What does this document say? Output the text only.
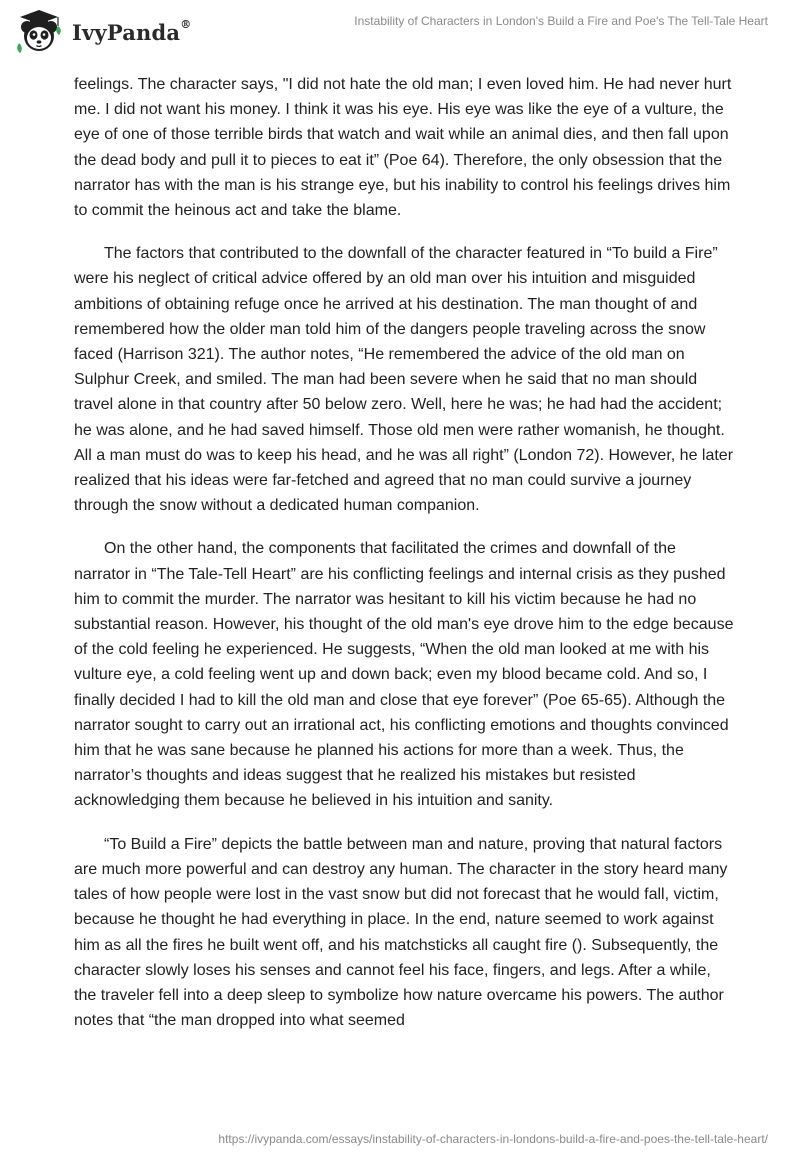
IvyPanda®	Instability of Characters in London's Build a Fire and Poe's The Tell-Tale Heart

feelings. The character says, "I did not hate the old man; I even loved him. He had never hurt me. I did not want his money. I think it was his eye. His eye was like the eye of a vulture, the eye of one of those terrible birds that watch and wait while an animal dies, and then fall upon the dead body and pull it to pieces to eat it” (Poe 64). Therefore, the only obsession that the narrator has with the man is his strange eye, but his inability to control his feelings drives him to commit the heinous act and take the blame.

The factors that contributed to the downfall of the character featured in “To build a Fire” were his neglect of critical advice offered by an old man over his intuition and misguided ambitions of obtaining refuge once he arrived at his destination. The man thought of and remembered how the older man told him of the dangers people traveling across the snow faced (Harrison 321). The author notes, “He remembered the advice of the old man on Sulphur Creek, and smiled. The man had been severe when he said that no man should travel alone in that country after 50 below zero. Well, here he was; he had had the accident; he was alone, and he had saved himself. Those old men were rather womanish, he thought. All a man must do was to keep his head, and he was all right” (London 72). However, he later realized that his ideas were far-fetched and agreed that no man could survive a journey through the snow without a dedicated human companion.

On the other hand, the components that facilitated the crimes and downfall of the narrator in “The Tale-Tell Heart” are his conflicting feelings and internal crisis as they pushed him to commit the murder. The narrator was hesitant to kill his victim because he had no substantial reason. However, his thought of the old man's eye drove him to the edge because of the cold feeling he experienced. He suggests, “When the old man looked at me with his vulture eye, a cold feeling went up and down back; even my blood became cold. And so, I finally decided I had to kill the old man and close that eye forever” (Poe 65-65). Although the narrator sought to carry out an irrational act, his conflicting emotions and thoughts convinced him that he was sane because he planned his actions for more than a week. Thus, the narrator’s thoughts and ideas suggest that he realized his mistakes but resisted acknowledging them because he believed in his intuition and sanity.

“To Build a Fire” depicts the battle between man and nature, proving that natural factors are much more powerful and can destroy any human. The character in the story heard many tales of how people were lost in the vast snow but did not forecast that he would fall, victim, because he thought he had everything in place. In the end, nature seemed to work against him as all the fires he built went off, and his matchsticks all caught fire (). Subsequently, the character slowly loses his senses and cannot feel his face, fingers, and legs. After a while, the traveler fell into a deep sleep to symbolize how nature overcame his powers. The author notes that “the man dropped into what seemed

https://ivypanda.com/essays/instability-of-characters-in-londons-build-a-fire-and-poes-the-tell-tale-heart/
